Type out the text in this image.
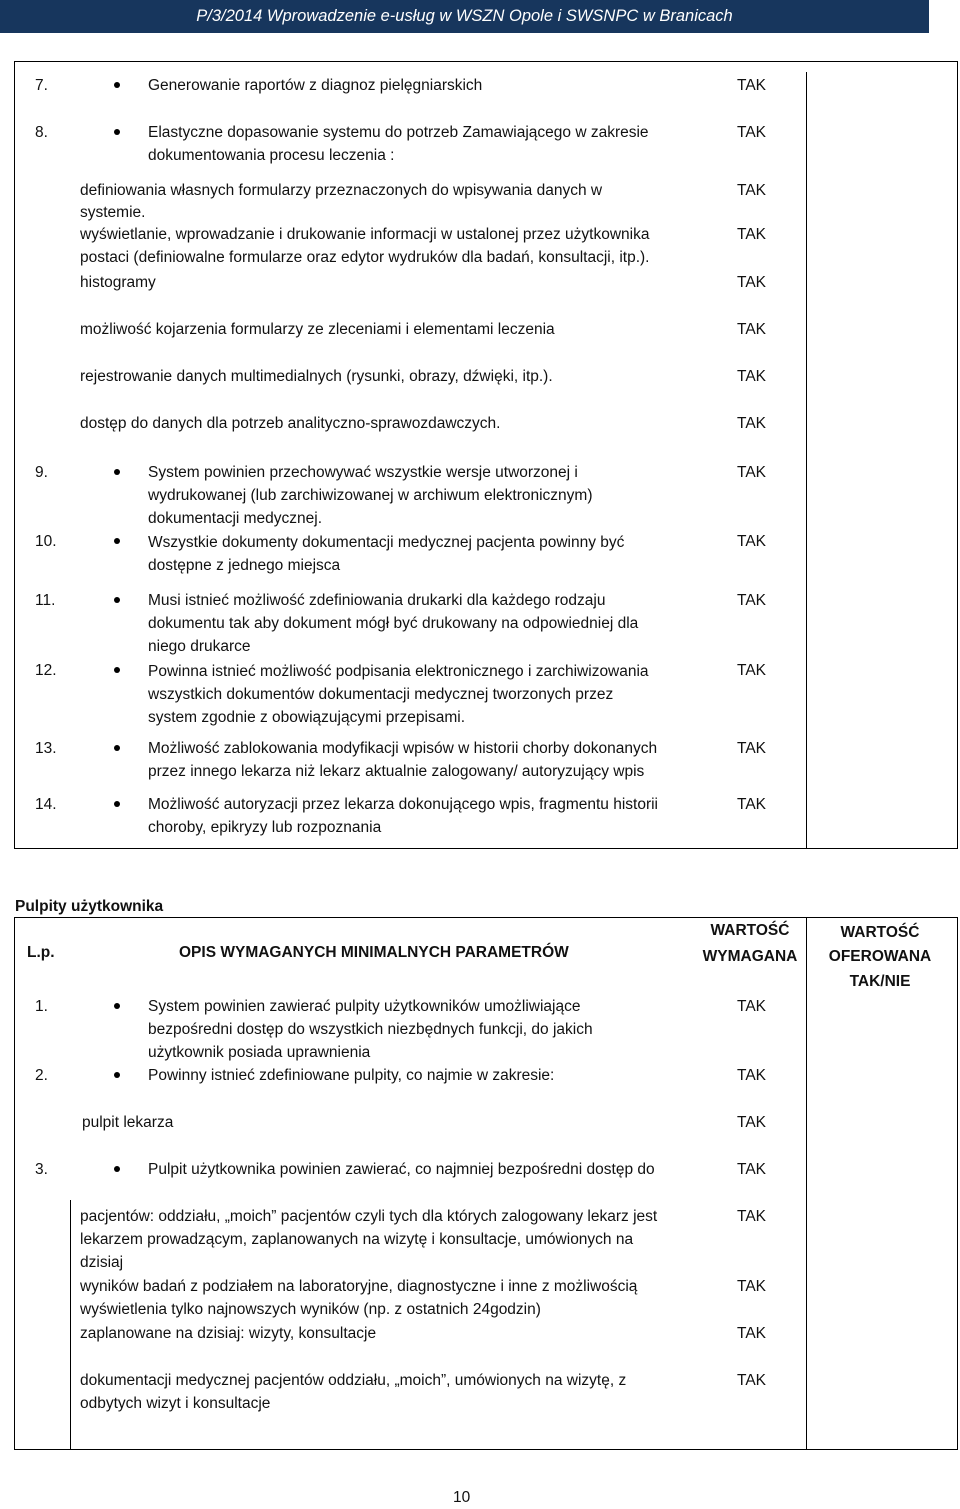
P/3/2014 Wprowadzenie e-usług w WSZN Opole i SWSNPC w Branicach
7.	Generowanie raportów z diagnoz pielęgniarskich	TAK
8.	Elastyczne dopasowanie systemu do potrzeb Zamawiającego w zakresie
dokumentowania procesu leczenia :
TAK
definiowania własnych formularzy przeznaczonych do wpisywania danych w
systemie.
TAK
wyświetlanie, wprowadzanie i drukowanie informacji w ustalonej przez użytkownika
postaci (definiowalne formularze oraz edytor wydruków dla badań, konsultacji, itp.).
TAK
histogramy	TAK
możliwość kojarzenia formularzy ze zleceniami i elementami leczenia	TAK
rejestrowanie danych multimedialnych (rysunki, obrazy, dźwięki, itp.).	TAK
dostęp do danych dla potrzeb analityczno-sprawozdawczych.	TAK
9.	System powinien przechowywać wszystkie wersje utworzonej i
wydrukowanej (lub zarchiwizowanej w archiwum elektronicznym)
dokumentacji medycznej.
TAK
10.	Wszystkie dokumenty dokumentacji medycznej pacjenta powinny być
dostępne z jednego miejsca
TAK
11.	Musi istnieć możliwość zdefiniowania drukarki dla każdego rodzaju
dokumentu tak aby dokument mógł być drukowany na odpowiedniej dla
niego drukarce
TAK
12.	Powinna istnieć możliwość podpisania elektronicznego i zarchiwizowania
wszystkich dokumentów dokumentacji medycznej tworzonych przez
system zgodnie z obowiązującymi przepisami.
TAK
13.	Możliwość zablokowania modyfikacji wpisów w historii chorby dokonanych
przez innego lekarza niż lekarz aktualnie zalogowany/ autoryzujący wpis
TAK
14.	Możliwość autoryzacji przez lekarza dokonującego wpis, fragmentu historii
choroby, epikryzy lub rozpoznania
TAK
Pulpity użytkownika
L.p.	OPIS WYMAGANYCH MINIMALNYCH PARAMETRÓW
WARTOŚĆ
WYMAGANA
WARTOŚĆ
OFEROWANA
TAK/NIE
1.	System powinien zawierać pulpity użytkowników umożliwiające
bezpośredni dostęp do wszystkich niezbędnych funkcji, do jakich
użytkownik posiada uprawnienia
TAK
2.	Powinny istnieć zdefiniowane pulpity, co najmie w zakresie:	TAK
pulpit lekarza	TAK
3.	Pulpit użytkownika powinien zawierać, co najmniej bezpośredni dostęp do	TAK
pacjentów: oddziału, „moich” pacjentów czyli tych dla których zalogowany lekarz jest
lekarzem prowadzącym, zaplanowanych na wizytę i konsultacje, umówionych na
dzisiaj
TAK
wyników badań z podziałem na laboratoryjne, diagnostyczne i inne z możliwością
wyświetlenia tylko najnowszych wyników (np. z ostatnich 24godzin)
TAK
zaplanowane na dzisiaj: wizyty, konsultacje	TAK
dokumentacji medycznej pacjentów oddziału, „moich”, umówionych na wizytę, z
odbytych wizyt i konsultacje
TAK
10
